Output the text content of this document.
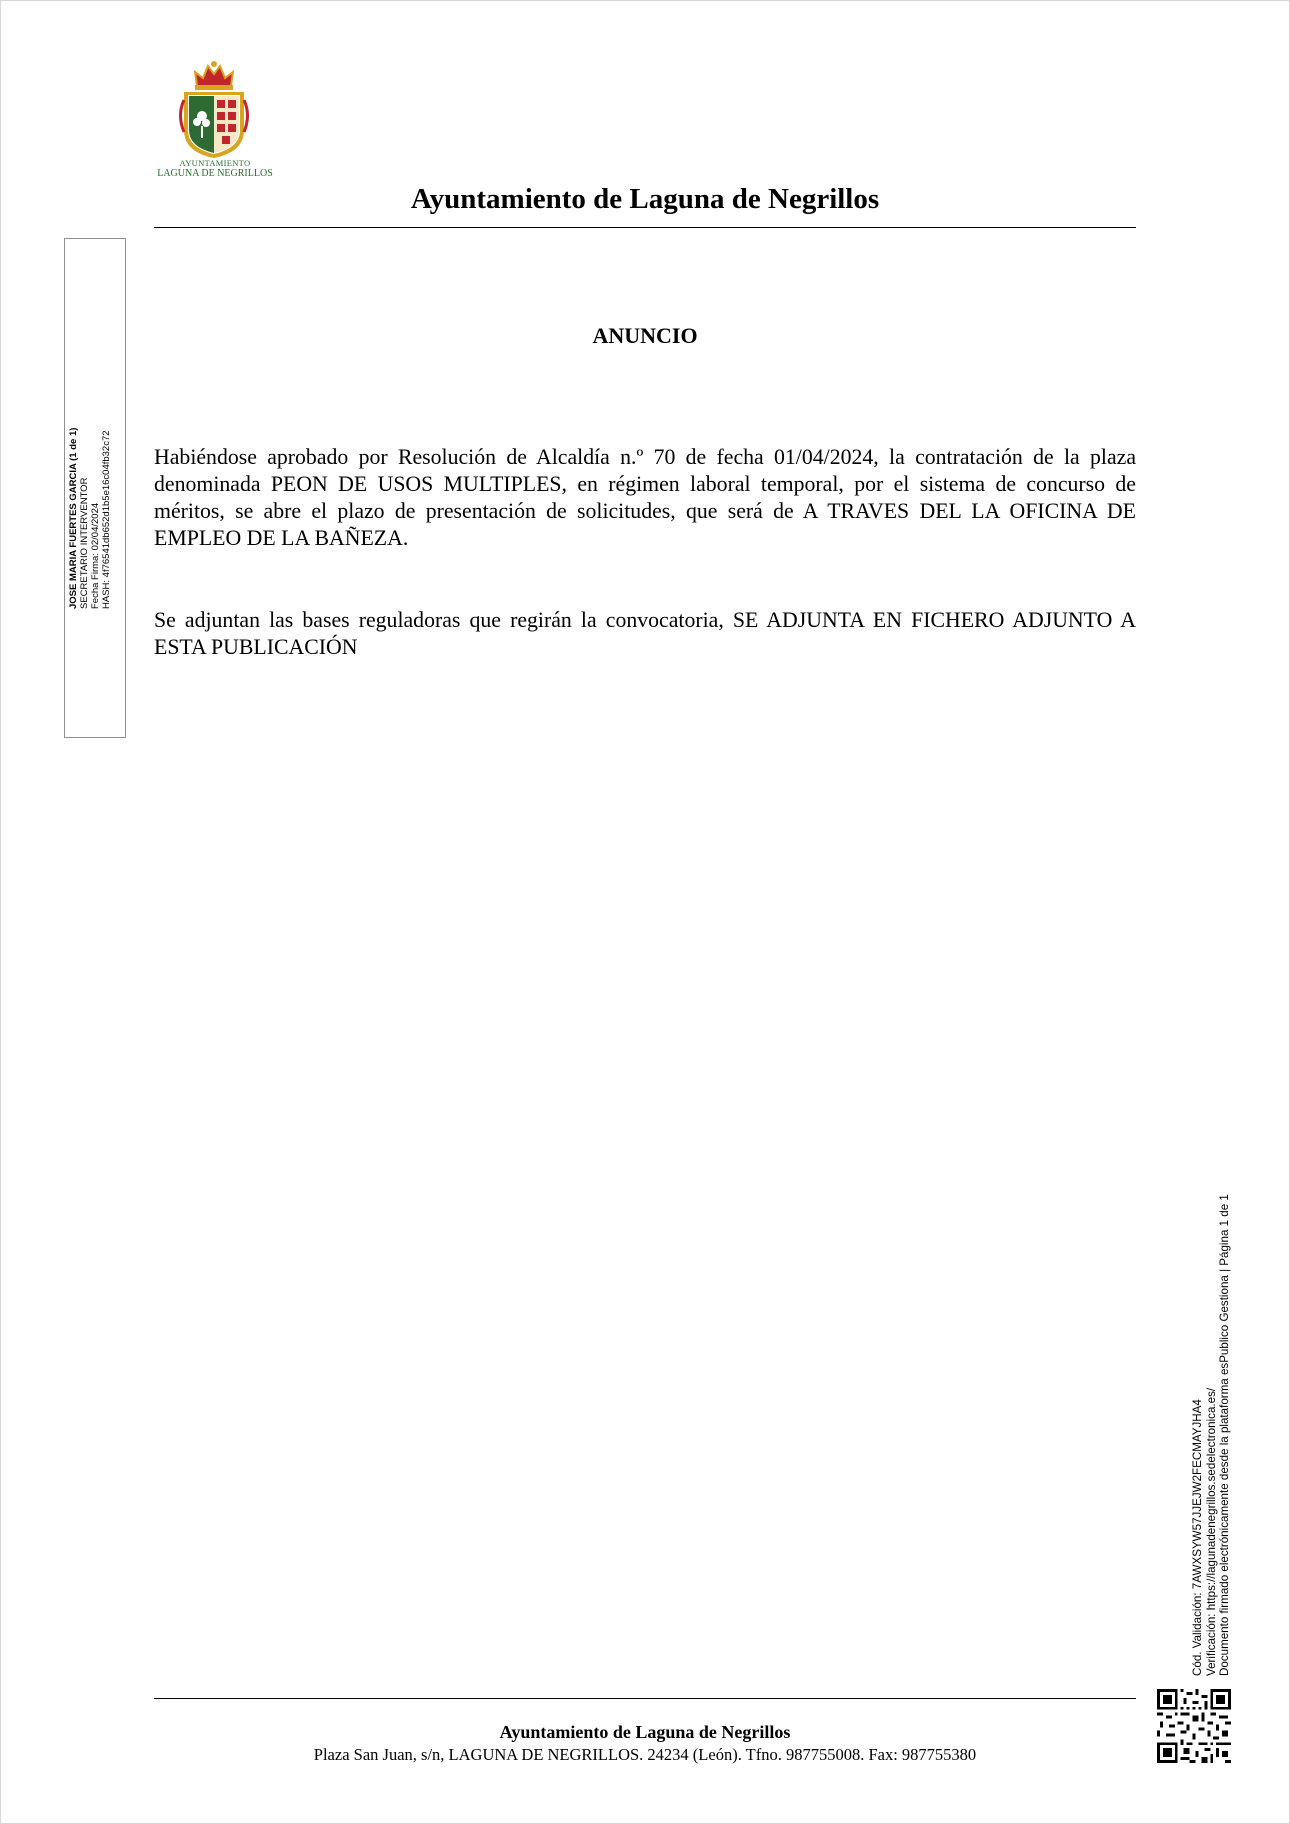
AYUNTAMIENTO
LAGUNA DE NEGRILLOS
Ayuntamiento de Laguna de Negrillos
JOSE MARIA FUERTES GARCIA (1 de 1) SECRETARIO INTERVENTOR Fecha Firma: 02/04/2024 HASH: 4f76541db652d1b5e16c04fb32c72
ANUNCIO

Habiéndose aprobado por Resolución de Alcaldía n.º 70 de fecha 01/04/2024, la contratación de la plaza denominada PEON DE USOS MULTIPLES, en régimen laboral temporal, por el sistema de concurso de méritos, se abre el plazo de presentación de solicitudes, que será de A TRAVES DEL LA OFICINA DE EMPLEO DE LA BAÑEZA.

Se adjuntan las bases reguladoras que regirán la convocatoria, SE ADJUNTA EN FICHERO ADJUNTO A ESTA PUBLICACIÓN

Cód. Validación: 7AWXSYW57JJEJW2FECMAYJHA4 Verificación: https://lagunadenegrillos.sedelectronica.es/ Documento firmado electrónicamente desde la plataforma esPublico Gestiona | Página 1 de 1
Ayuntamiento de Laguna de Negrillos
Plaza San Juan, s/n, LAGUNA DE NEGRILLOS. 24234 (León). Tfno. 987755008. Fax: 987755380
